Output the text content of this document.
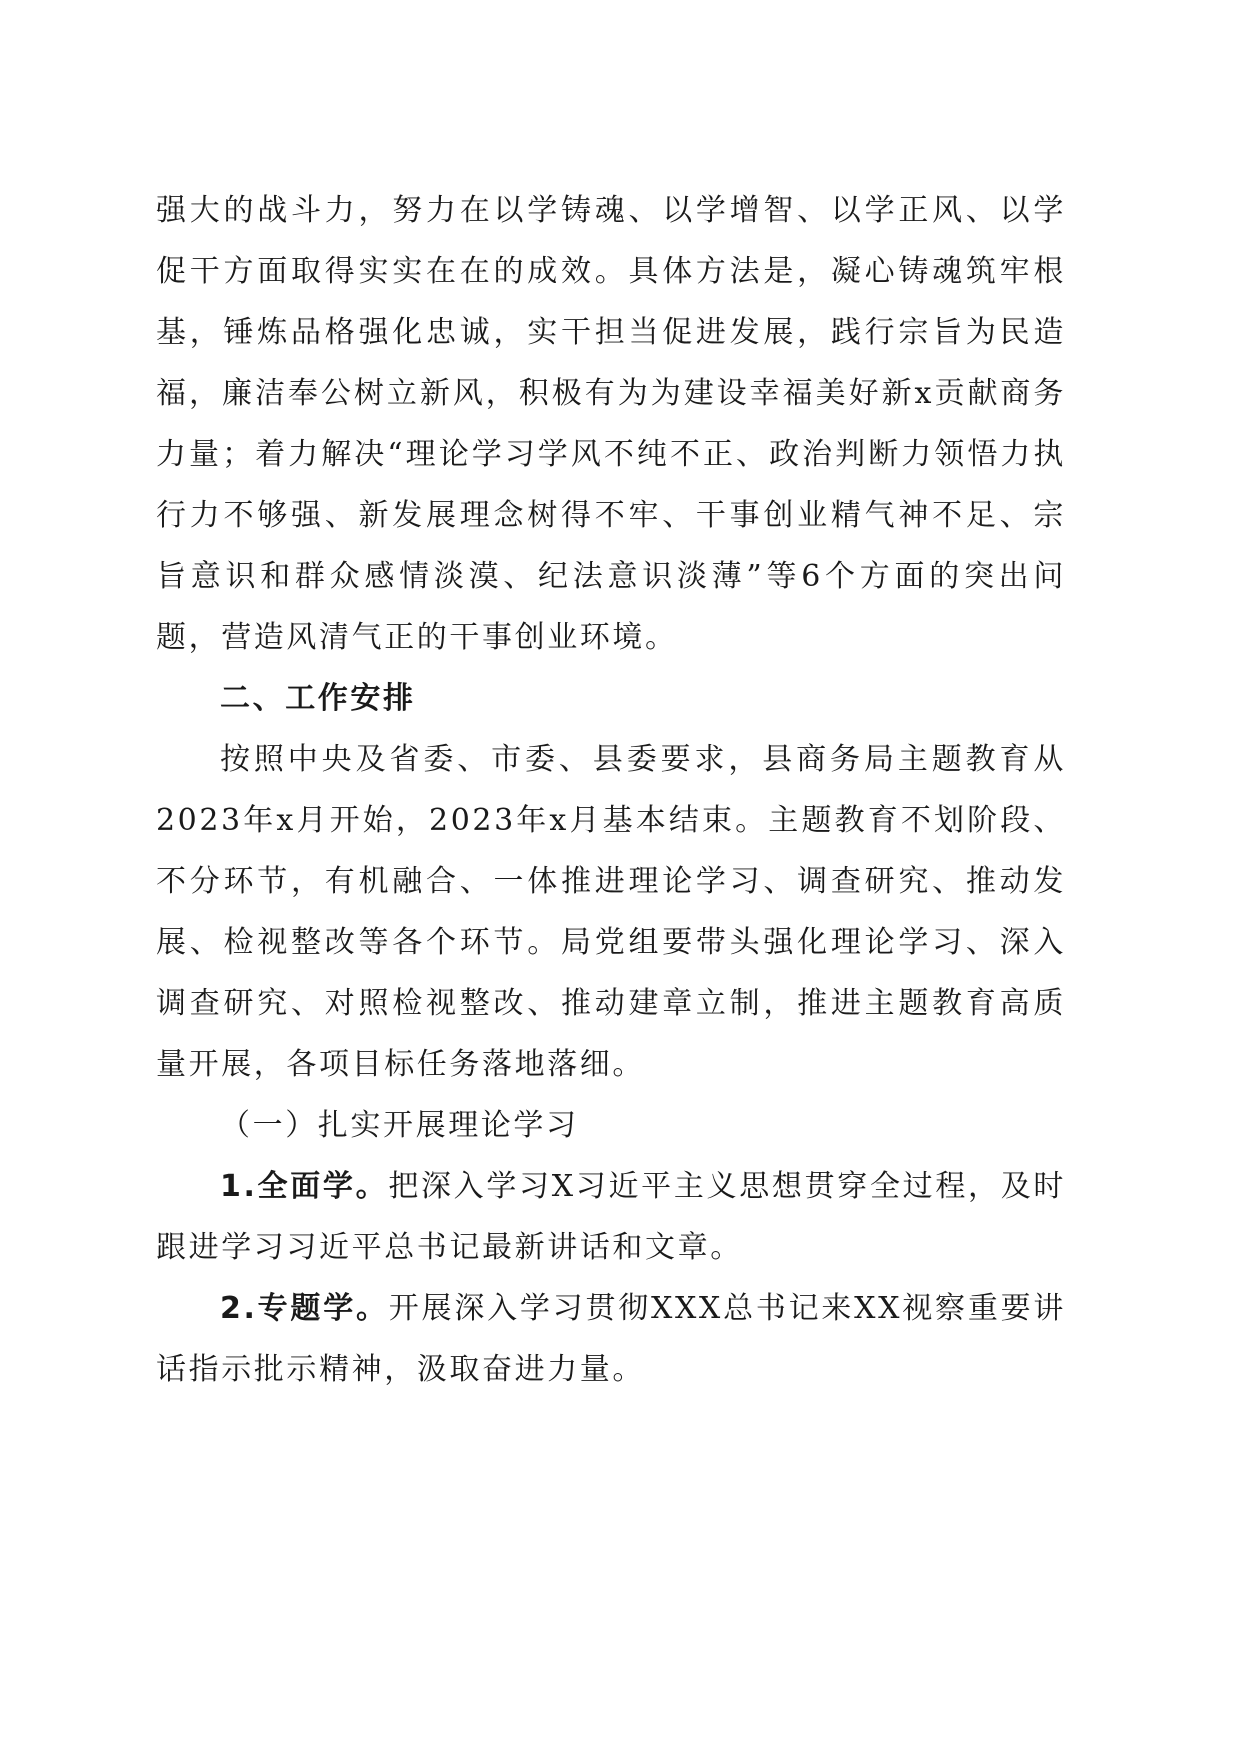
强大的战斗力，努力在以学铸魂、以学增智、以学正风、以学促干方面取得实实在在的成效。具体方法是，凝心铸魂筑牢根基，锤炼品格强化忠诚，实干担当促进发展，践行宗旨为民造福，廉洁奉公树立新风，积极有为为建设幸福美好新x贡献商务力量；着力解决“理论学习学风不纯不正、政治判断力领悟力执行力不够强、新发展理念树得不牢、干事创业精气神不足、宗旨意识和群众感情淡漠、纪法意识淡薄”等6个方面的突出问题，营造风清气正的干事创业环境。

二、工作安排

按照中央及省委、市委、县委要求，县商务局主题教育从2023年x月开始，2023年x月基本结束。主题教育不划阶段、不分环节，有机融合、一体推进理论学习、调查研究、推动发展、检视整改等各个环节。局党组要带头强化理论学习、深入调查研究、对照检视整改、推动建章立制，推进主题教育高质量开展，各项目标任务落地落细。

（一）扎实开展理论学习

1.全面学。把深入学习X习近平主义思想贯穿全过程，及时跟进学习习近平总书记最新讲话和文章。

2.专题学。开展深入学习贯彻XXX总书记来XX视察重要讲话指示批示精神，汲取奋进力量。
